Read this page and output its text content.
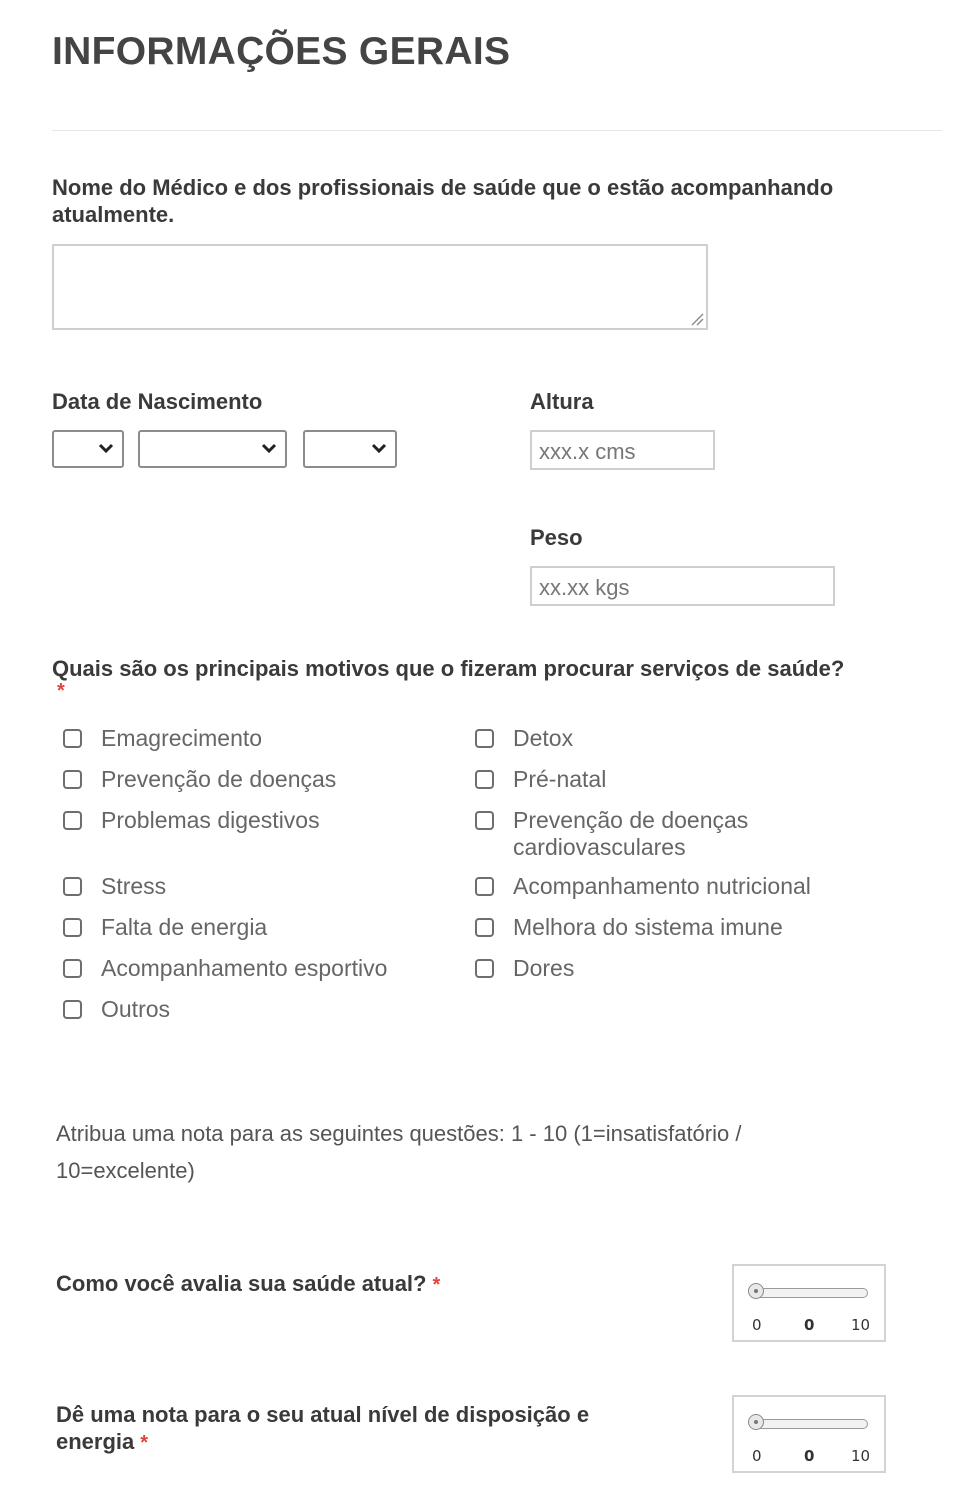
INFORMAÇÕES GERAIS
Nome do Médico e dos profissionais de saúde que o estão acompanhando atualmente.
Data de Nascimento	Altura
xxx.x cms
Peso
xx.xx kgs
Quais são os principais motivos que o fizeram procurar serviços de saúde?
*
Emagrecimento
Prevenção de doenças
Problemas digestivos
Stress
Falta de energia
Acompanhamento esportivo
Outros
Detox
Pré-natal
Prevenção de doenças cardiovasculares
Acompanhamento nutricional
Melhora do sistema imune
Dores
Atribua uma nota para as seguintes questões: 1 - 10 (1=insatisfatório / 10=excelente)
Como você avalia sua saúde atual? *
0	0 10
Dê uma nota para o seu atual nível de disposição e energia *
0	0 10
